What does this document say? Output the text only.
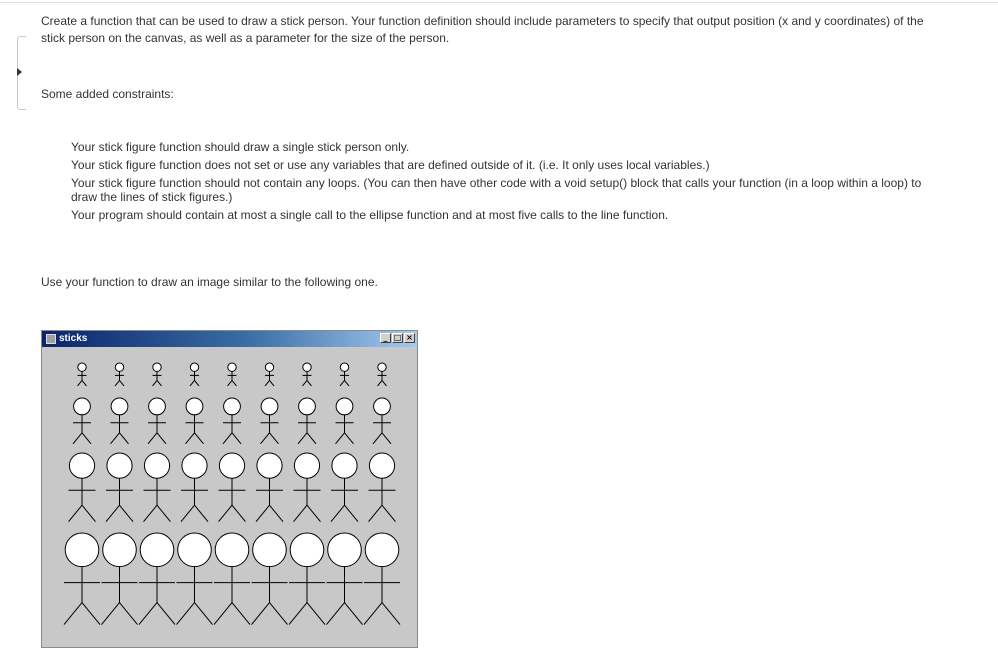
Create a function that can be used to draw a stick person. Your function definition should include parameters to specify that output position (x and y coordinates) of the stick person on the canvas, as well as a parameter for the size of the person.

Some added constraints:

Your stick figure function should draw a single stick person only.
Your stick figure function does not set or use any variables that are defined outside of it. (i.e. It only uses local variables.)
Your stick figure function should not contain any loops. (You can then have other code with a void setup() block that calls your function (in a loop within a loop) to draw the lines of stick figures.)
Your program should contain at most a single call to the ellipse function and at most five calls to the line function.

Use your function to draw an image similar to the following one.

sticks	_ □ ×
